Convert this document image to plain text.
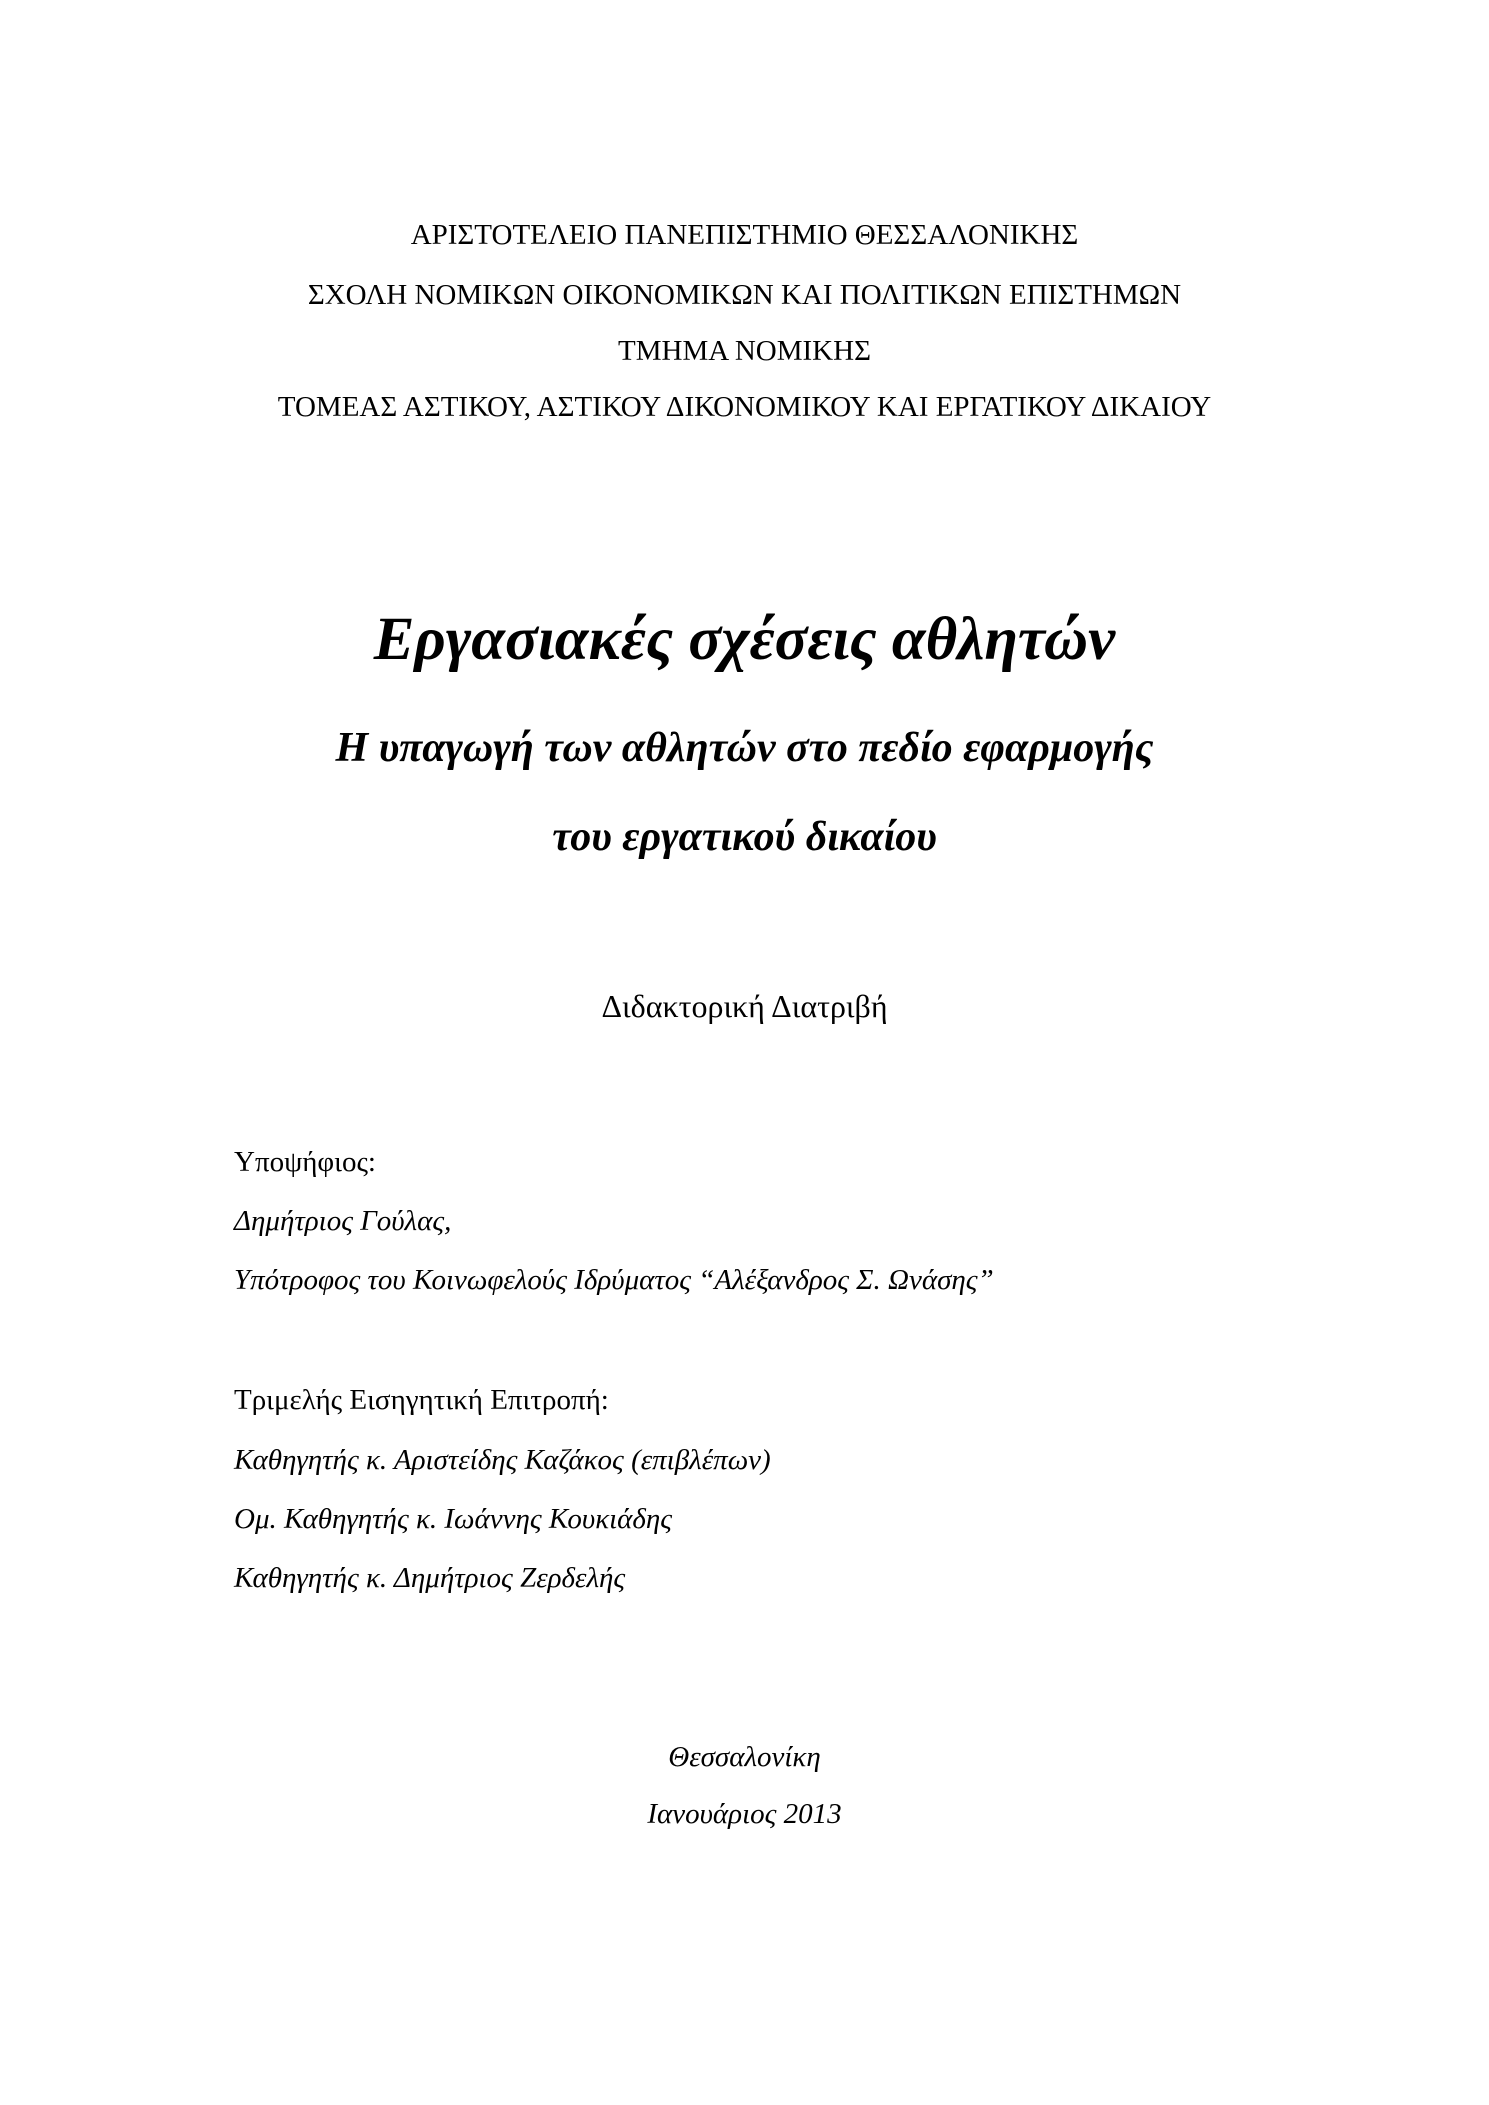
ΑΡΙΣΤΟΤΕΛΕΙΟ ΠΑΝΕΠΙΣΤΗΜΙΟ ΘΕΣΣΑΛΟΝΙΚΗΣ
ΣΧΟΛΗ ΝΟΜΙΚΩΝ ΟΙΚΟΝΟΜΙΚΩΝ ΚΑΙ ΠΟΛΙΤΙΚΩΝ ΕΠΙΣΤΗΜΩΝ
ΤΜΗΜΑ ΝΟΜΙΚΗΣ
ΤΟΜΕΑΣ ΑΣΤΙΚΟΥ, ΑΣΤΙΚΟΥ ΔΙΚΟΝΟΜΙΚΟΥ ΚΑΙ ΕΡΓΑΤΙΚΟΥ ΔΙΚΑΙΟΥ
Εργασιακές σχέσεις αθλητών
Η υπαγωγή των αθλητών στο πεδίο εφαρμογής
του εργατικού δικαίου
Διδακτορική Διατριβή
Υποψήφιος:
Δημήτριος Γούλας,
Υπότροφος του Κοινωφελούς Ιδρύματος “Αλέξανδρος Σ. Ωνάσης”
Τριμελής Εισηγητική Επιτροπή:
Καθηγητής κ. Αριστείδης Καζάκος (επιβλέπων)
Ομ. Καθηγητής κ. Ιωάννης Κουκιάδης
Καθηγητής κ. Δημήτριος Ζερδελής
Θεσσαλονίκη
Ιανουάριος 2013
